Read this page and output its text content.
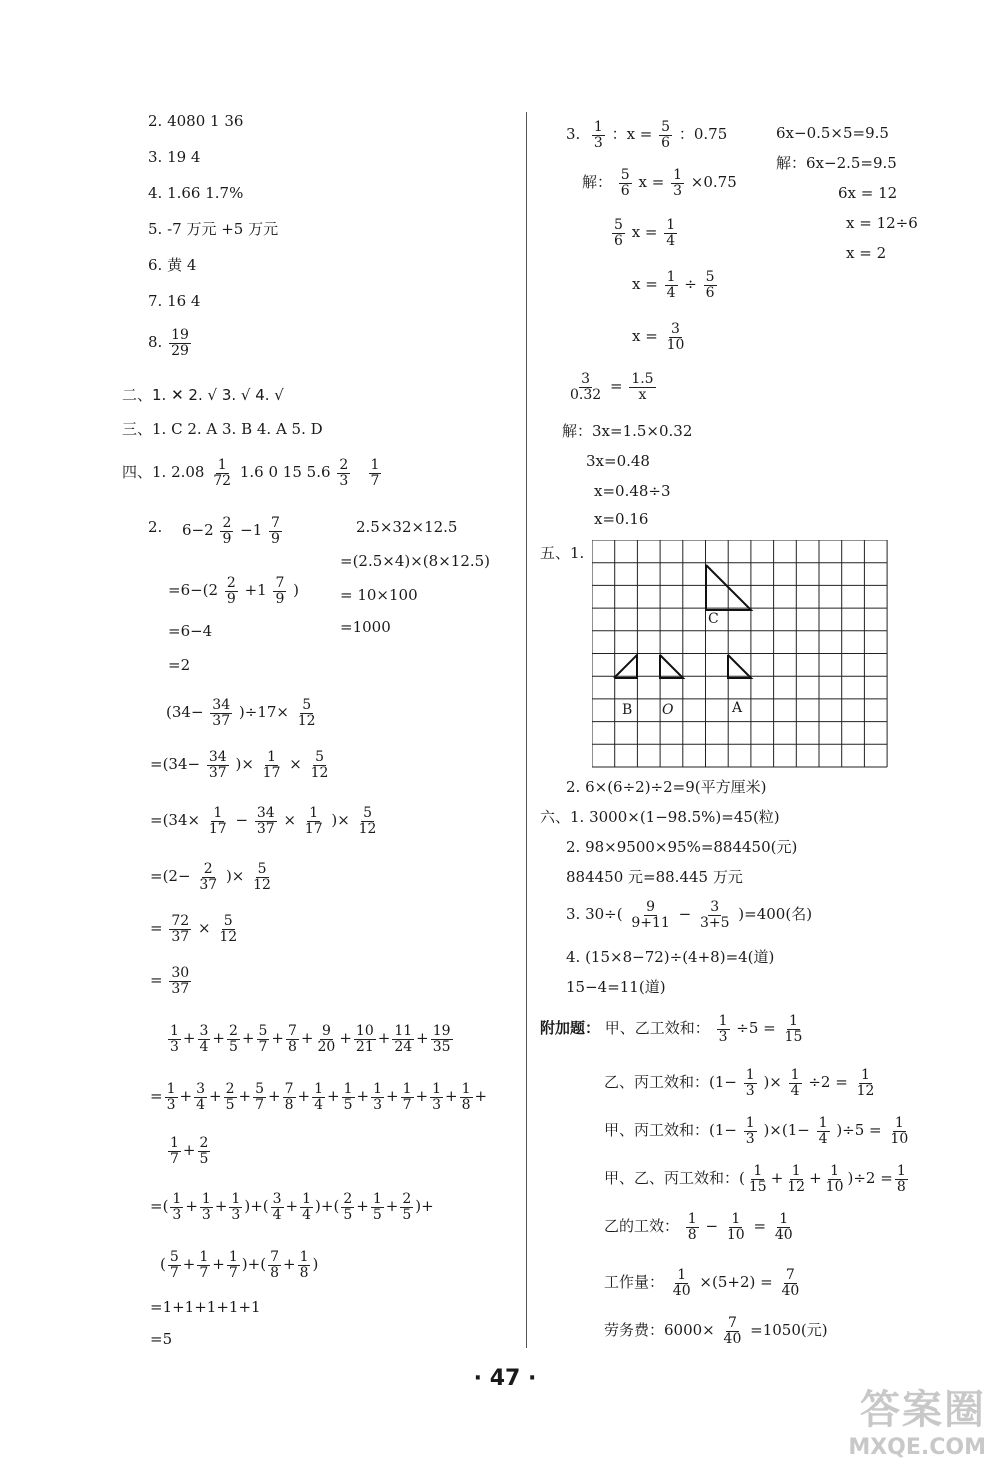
2. 4080 1 36
3. 19 4
4. 1.66 1.7%
5. -7 万元 +5 万元
6. 黄 4
7. 16 4
8. $\frac{19}{29}$
二、1. ✕ 2. √ 3. √ 4. √
三、1. C 2. A 3. B 4. A 5. D
四、1. $2.08 \frac{1}{72} 1.6$ 0 15 $5.6 \frac{2}{3}$
$\frac{1}{7}$
2. $6-2 \frac{2}{9} -1 \frac{7}{9}$
$=6-(2 \frac{2}{9} +1 \frac{7}{9}$ )
=6−4
=2
2.5×32×12.5
=(2.5×4)×(8×12.5)
= 10×100
=1000
$(34- \frac{34}{37} )\div 17\times \frac{5}{12}$
$=(34- \frac{34}{37}$ )× $\frac{1}{17} \times \frac{5}{12}$
$=(34\times \frac{1}{17} - \frac{34}{37} \times \frac{1}{17}$ )× $\frac{5}{12}$
$=(2- \frac{2}{37}$ )× $\frac{5}{12}$
= $\frac{72}{37} \times \frac{5}{12}$
= $\frac{30}{37}$
$\frac{1}{3} + \frac{3}{4} + \frac{2}{5} + \frac{5}{7} + \frac{7}{8} + \frac{9}{20} + \frac{10}{21} + \frac{11}{24} + \frac{19}{35}$
= $\frac{1}{3} + \frac{3}{4} + \frac{2}{5} + \frac{5}{7} + \frac{7}{8} + \frac{1}{4} + \frac{1}{5} + \frac{1}{3} + \frac{1}{7} + \frac{1}{3} + \frac{1}{8}$ +
$\frac{1}{7} + \frac{2}{5}$
=( $\frac{1}{3} + \frac{1}{3} + \frac{1}{3}$ )+( $\frac{3}{4} + \frac{1}{4}$ )+( $\frac{2}{5} + \frac{1}{5} + \frac{2}{5}$ )+
( $\frac{5}{7} + \frac{1}{7} + \frac{1}{7}$ )+( $\frac{7}{8} + \frac{1}{8}$ )
=1+1+1+1+1
=5
3. $\frac{1}{3}$ ：$x = \frac{5}{6}$ ：0.75
解： $\frac{5}{6}$ $x = \frac{1}{3} \times 0.75$
$\frac{5}{6}$ $x = \frac{1}{4}$
$x = \frac{1}{4} \div \frac{5}{6}$
$x = \frac{3}{10}$
6x−0.5×5=9.5
解：6x−2.5=9.5
6x = 12
x = 12÷6
x = 2
$\frac{3}{0.32} = \frac{1.5}{x}$
解：3x=1.5×0.32
3x=0.48
x=0.48÷3
x=0.16
五、1.
C
B O	A
2. 6×(6÷2)÷2=9(平方厘米)
六、1. 3000×(1−98.5%)=45(粒)
2. 98×9500×95%=884450(元)
884450 元=88.445 万元
3. $30\div( \frac{9}{9+11} - \frac{3}{3+5} )=400$(名)
4. (15×8−72)÷(4+8)=4(道)
15−4=11(道)
附加题： 甲、乙工效和： $\frac{1}{3} \div 5 = \frac{1}{15}$
乙、丙工效和：($1- \frac{1}{3}$ )× $\frac{1}{4} \div 2 = \frac{1}{12}$
甲、丙工效和：$(1- \frac{1}{3} )\times(1- \frac{1}{4} )\div 5 = \frac{1}{10}$
甲、乙、丙工效和：( $\frac{1}{15} + \frac{1}{12} + \frac{1}{10} )\div 2 = \frac{1}{8}$
乙的工效： $\frac{1}{8} - \frac{1}{10} = \frac{1}{40}$
工作量： $\frac{1}{40} \times(5+2) = \frac{7}{40}$
劳务费：$6000\times \frac{7}{40} =1050$(元)
· 47 ·
答案圈
MXQE.COM
